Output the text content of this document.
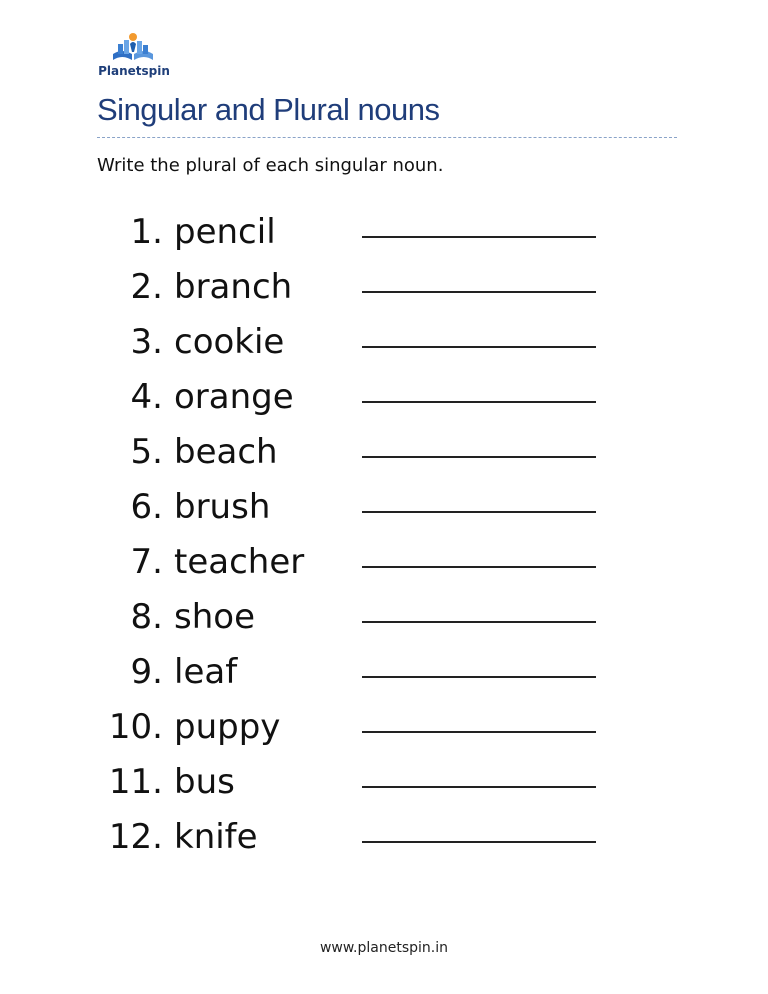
Planetspin
Singular and Plural nouns

Write the plural of each singular noun.

1. pencil
2. branch
3. cookie
4. orange
5. beach
6. brush
7. teacher
8. shoe
9. leaf
10. puppy
11. bus
12. knife
www.planetspin.in
